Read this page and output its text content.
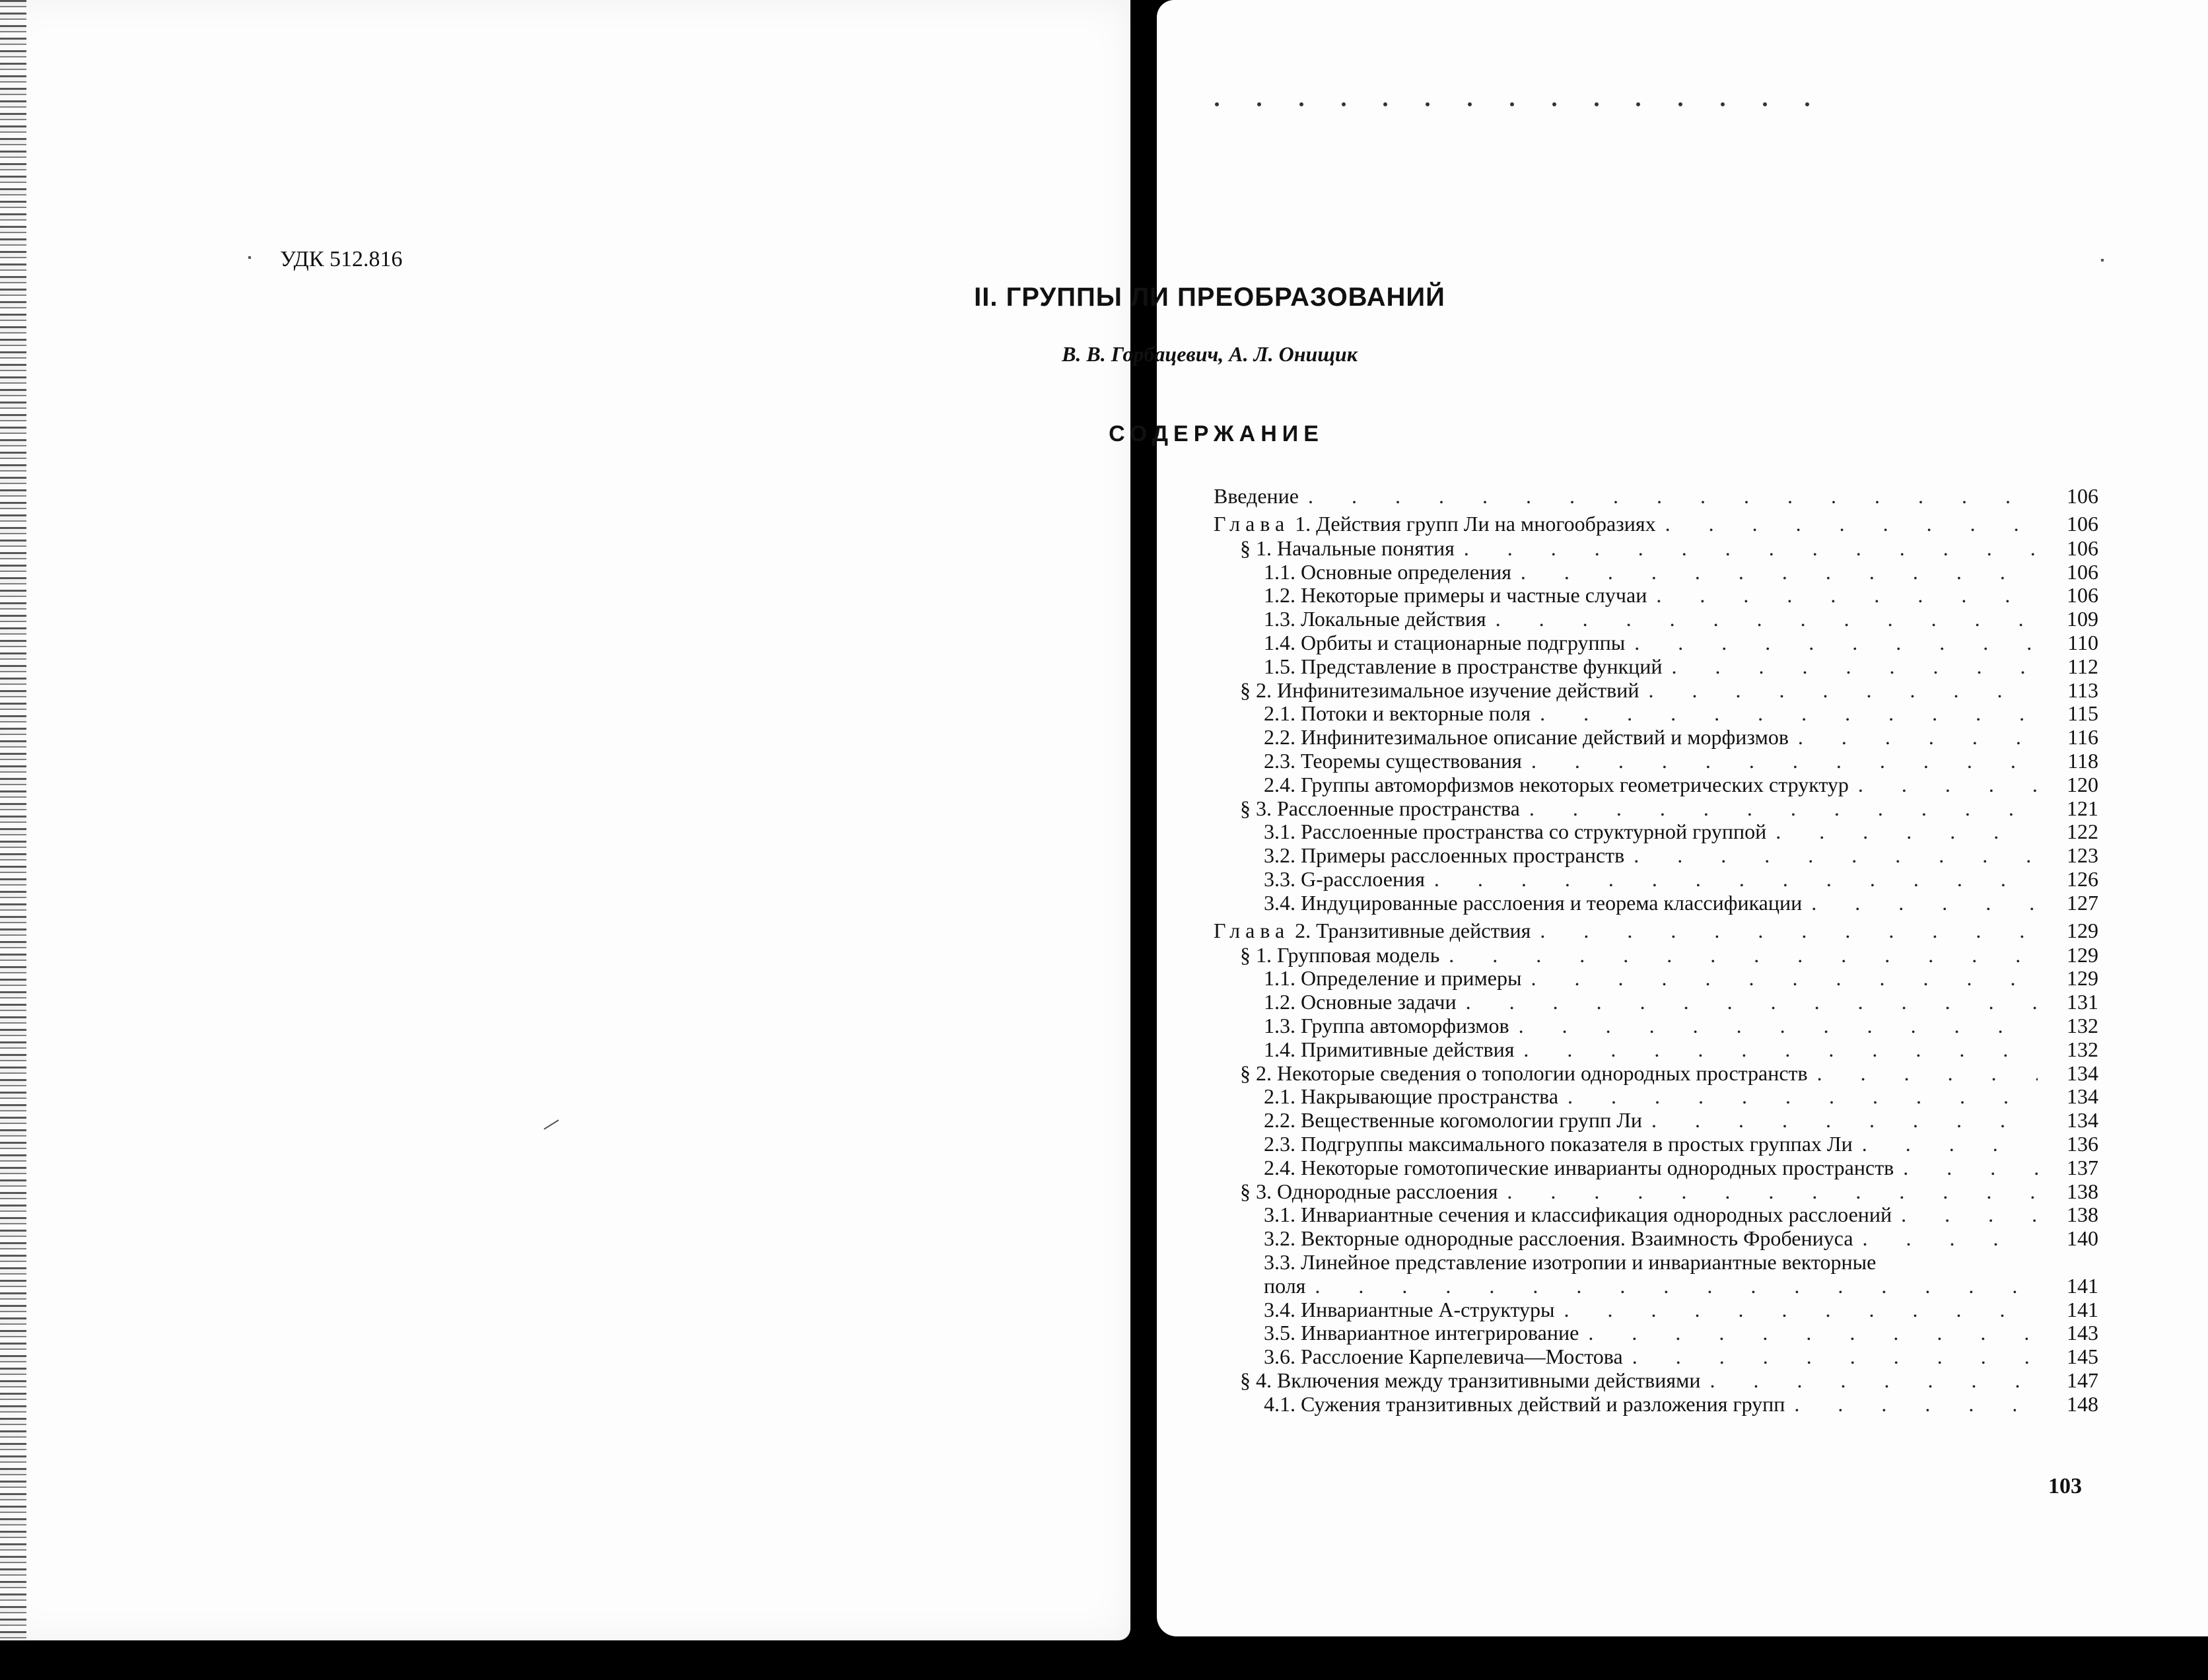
УДК 512.816
II. ГРУППЫ ЛИ ПРЕОБРАЗОВАНИЙ
В. В. Горбацевич, А. Л. Онищик
СОДЕРЖАНИЕ
Введение . . .	106
Глава 1. Действия групп Ли на многообразиях . . .	106
§ 1. Начальные понятия . . .	106
1.1. Основные определения . . .	106
1.2. Некоторые примеры и частные случаи . . .	106
1.3. Локальные действия . . .	109
1.4. Орбиты и стационарные подгруппы . . .	110
1.5. Представление в пространстве функций . . .	112
§ 2. Инфинитезимальное изучение действий . . .	113
2.1. Потоки и векторные поля . . .	115
2.2. Инфинитезимальное описание действий и морфизмов . . .	116
2.3. Теоремы существования . . .	118
2.4. Группы автоморфизмов некоторых геометрических структур . . .	120
§ 3. Расслоенные пространства . . .	121
3.1. Расслоенные пространства со структурной группой . . .	122
3.2. Примеры расслоенных пространств . . .	123
3.3. G-расслоения . . .	126
3.4. Индуцированные расслоения и теорема классификации . . .	127
Глава 2. Транзитивные действия . . .	129
§ 1. Групповая модель . . .	129
1.1. Определение и примеры . . .	129
1.2. Основные задачи . . .	131
1.3. Группа автоморфизмов . . .	132
1.4. Примитивные действия . . .	132
§ 2. Некоторые сведения о топологии однородных пространств . . .	134
2.1. Накрывающие пространства . . .	134
2.2. Вещественные когомологии групп Ли . . .	134
2.3. Подгруппы максимального показателя в простых группах Ли . . .	136
2.4. Некоторые гомотопические инварианты однородных пространств . . .	137
§ 3. Однородные расслоения . . .	138
3.1. Инвариантные сечения и классификация однородных расслоений . . .	138
3.2. Векторные однородные расслоения. Взаимность Фробениуса . . .	140
3.3. Линейное представление изотропии и инвариантные векторные
поля . . .	141
3.4. Инвариантные A-структуры . . .	141
3.5. Инвариантное интегрирование . . .	143
3.6. Расслоение Карпелевича—Мостова . . .	145
§ 4. Включения между транзитивными действиями . . .	147
4.1. Сужения транзитивных действий и разложения групп . . .	148
103
